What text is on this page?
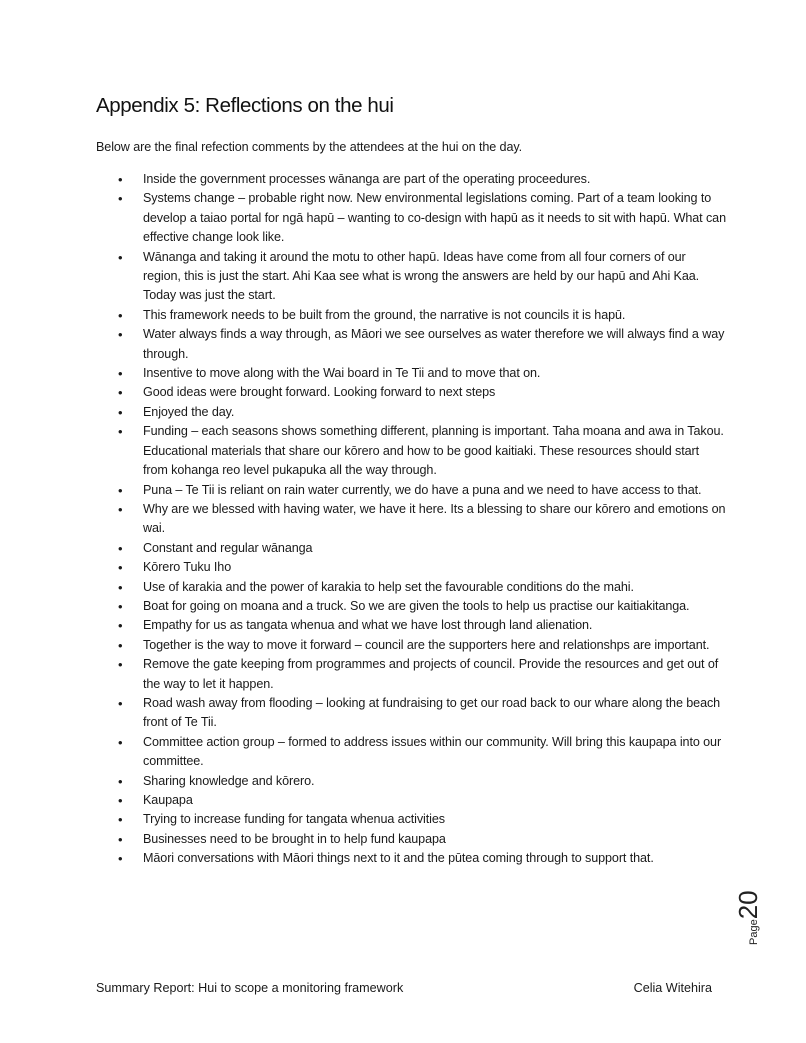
Appendix 5: Reflections on the hui

Below are the final refection comments by the attendees at the hui on the day.

• Inside the government processes wānanga are part of the operating proceedures.
• Systems change – probable right now. New environmental legislations coming. Part of a team looking to develop a taiao portal for ngā hapū – wanting to co-design with hapū as it needs to sit with hapū. What can effective change look like.
• Wānanga and taking it around the motu to other hapū. Ideas have come from all four corners of our region, this is just the start. Ahi Kaa see what is wrong the answers are held by our hapū and Ahi Kaa. Today was just the start.
• This framework needs to be built from the ground, the narrative is not councils it is hapū.
• Water always finds a way through, as Māori we see ourselves as water therefore we will always find a way through.
• Insentive to move along with the Wai board in Te Tii and to move that on.
• Good ideas were brought forward. Looking forward to next steps
• Enjoyed the day.
• Funding – each seasons shows something different, planning is important. Taha moana and awa in Takou. Educational materials that share our kōrero and how to be good kaitiaki. These resources should start from kohanga reo level pukapuka all the way through.
• Puna – Te Tii is reliant on rain water currently, we do have a puna and we need to have access to that.
• Why are we blessed with having water, we have it here. Its a blessing to share our kōrero and emotions on wai.
• Constant and regular wānanga
• Kōrero Tuku Iho
• Use of karakia and the power of karakia to help set the favourable conditions do the mahi.
• Boat for going on moana and a truck. So we are given the tools to help us practise our kaitiakitanga.
• Empathy for us as tangata whenua and what we have lost through land alienation.
• Together is the way to move it forward – council are the supporters here and relationshps are important.
• Remove the gate keeping from programmes and projects of council. Provide the resources and get out of the way to let it happen.
• Road wash away from flooding – looking at fundraising to get our road back to our whare along the beach front of Te Tii.
• Committee action group – formed to address issues within our community. Will bring this kaupapa into our committee.
• Sharing knowledge and kōrero.
• Kaupapa
• Trying to increase funding for tangata whenua activities
• Businesses need to be brought in to help fund kaupapa
• Māori conversations with Māori things next to it and the pūtea coming through to support that.
Page20
Summary Report: Hui to scope a monitoring framework	Celia Witehira
